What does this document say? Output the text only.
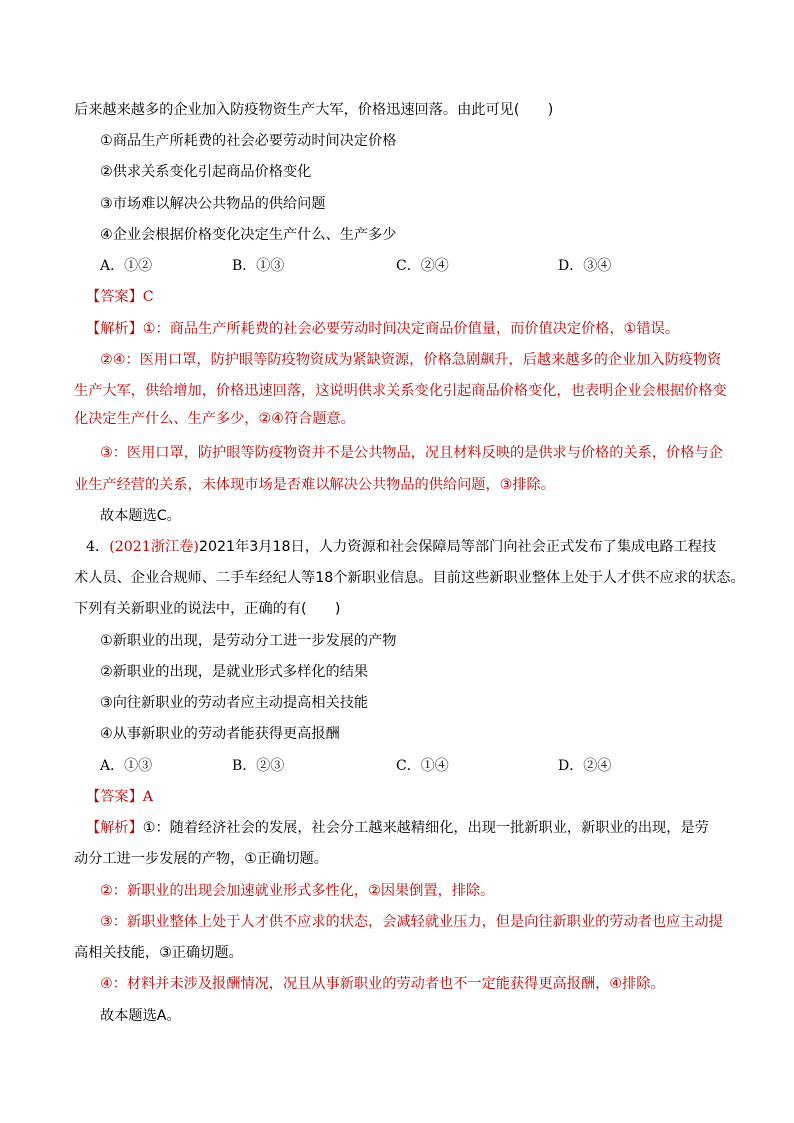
后来越来越多的企业加入防疫物资生产大军，价格迅速回落。由此可见(　　)
①商品生产所耗费的社会必要劳动时间决定价格
②供求关系变化引起商品价格变化
③市场难以解决公共物品的供给问题
④企业会根据价格变化决定生产什么、生产多少
A．①②	B．①③	C．②④	D．③④
【答案】C
【解析】①：商品生产所耗费的社会必要劳动时间决定商品价值量，而价值决定价格，①错误。
②④：医用口罩，防护眼等防疫物资成为紧缺资源，价格急剧飙升，后越来越多的企业加入防疫物资
生产大军，供给增加，价格迅速回落，这说明供求关系变化引起商品价格变化，也表明企业会根据价格变
化决定生产什么、生产多少，②④符合题意。
③：医用口罩，防护眼等防疫物资并不是公共物品，况且材料反映的是供求与价格的关系，价格与企
业生产经营的关系，未体现市场是否难以解决公共物品的供给问题，③排除。
故本题选C。
4．(2021浙江卷)2021年3月18日，人力资源和社会保障局等部门向社会正式发布了集成电路工程技
术人员、企业合规师、二手车经纪人等18个新职业信息。目前这些新职业整体上处于人才供不应求的状态。
下列有关新职业的说法中，正确的有(　　)
①新职业的出现，是劳动分工进一步发展的产物
②新职业的出现，是就业形式多样化的结果
③向往新职业的劳动者应主动提高相关技能
④从事新职业的劳动者能获得更高报酬
A．①③	B．②③	C．①④	D．②④
【答案】A
【解析】①：随着经济社会的发展，社会分工越来越精细化，出现一批新职业，新职业的出现，是劳
动分工进一步发展的产物，①正确切题。
②：新职业的出现会加速就业形式多性化，②因果倒置，排除。
③：新职业整体上处于人才供不应求的状态，会减轻就业压力，但是向往新职业的劳动者也应主动提
高相关技能，③正确切题。
④：材料并未涉及报酬情况，况且从事新职业的劳动者也不一定能获得更高报酬，④排除。
故本题选A。
